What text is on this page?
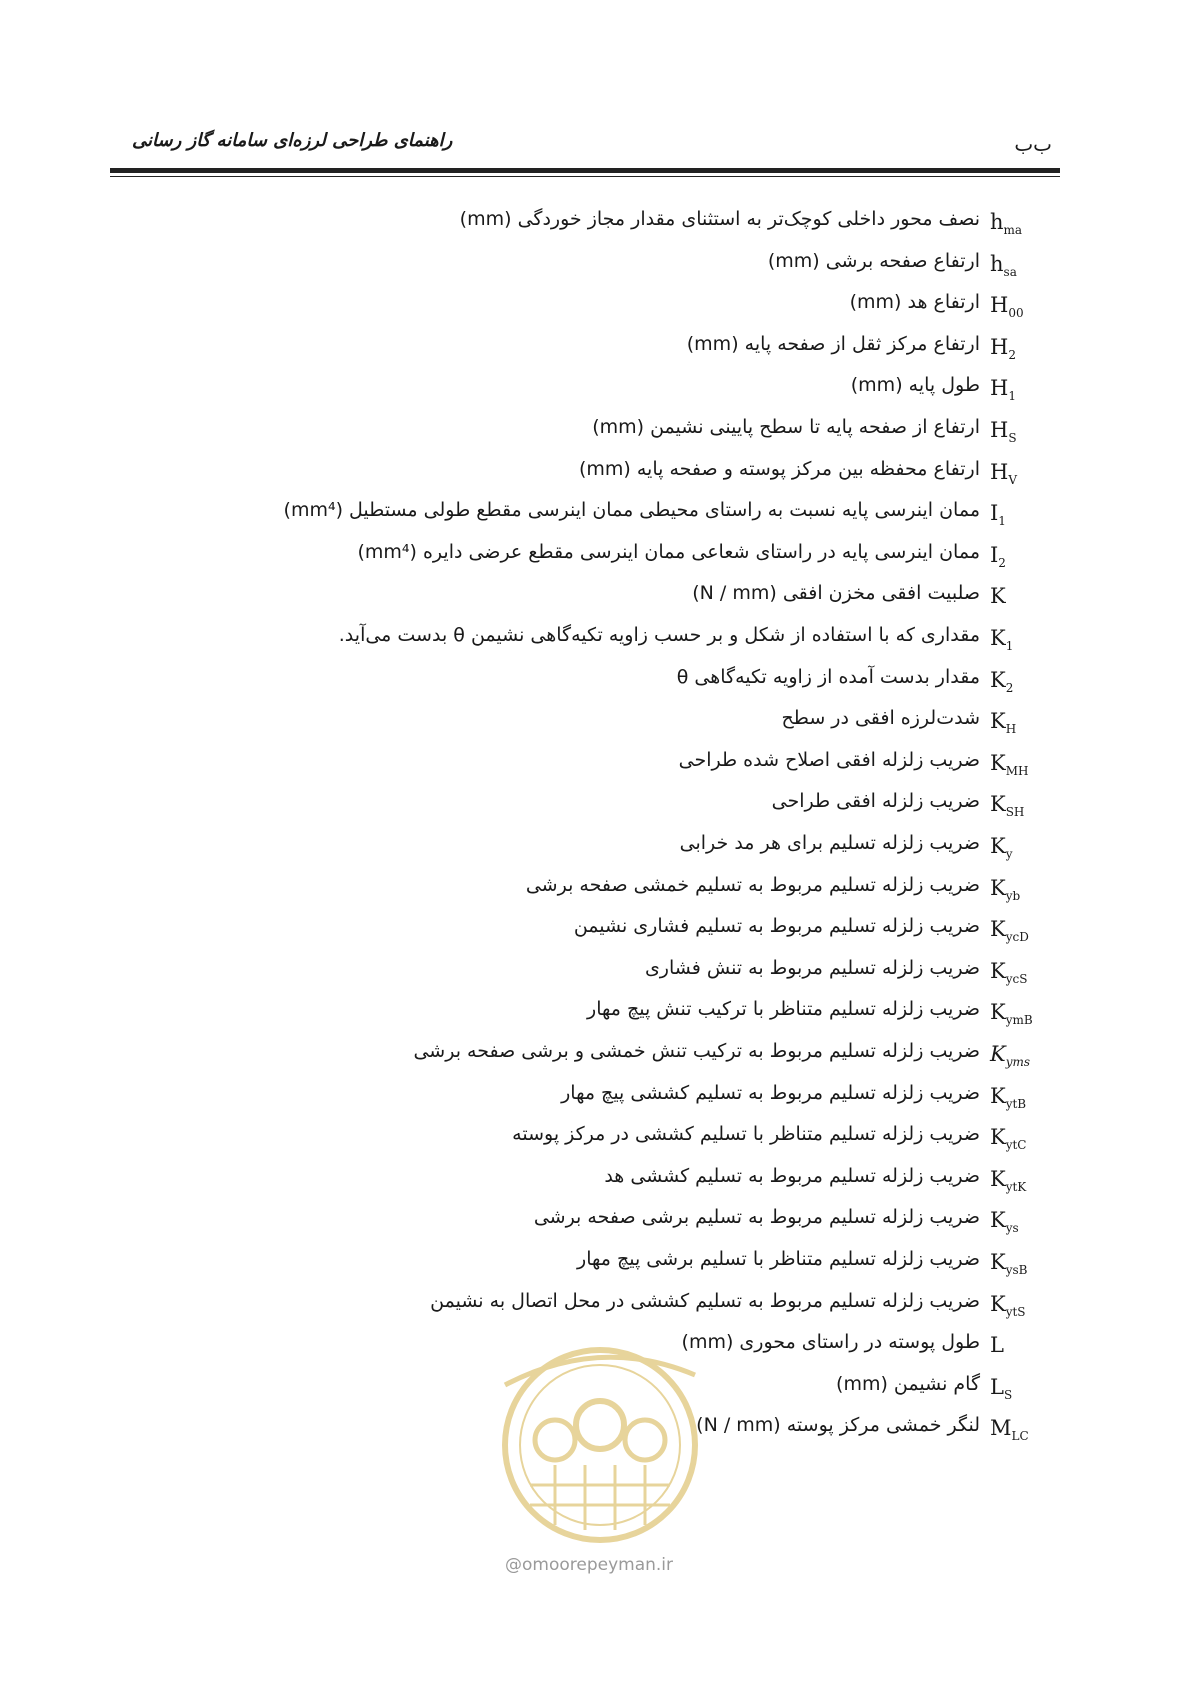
راهنمای طراحی لرزه‌ای سامانه گاز رسانی	ب‌ب
$h_{ma}$
نصف محور داخلی کوچک‌تر به استثنای مقدار مجاز خوردگی (mm)
$h_{sa}$
ارتفاع صفحه برشی (mm)
$H_{00}$
ارتفاع هد (mm)
$H_2$
ارتفاع مرکز ثقل از صفحه پایه (mm)
$H_1$
طول پایه (mm)
$H_S$
ارتفاع از صفحه پایه تا سطح پایینی نشیمن (mm)
$H_V$
ارتفاع محفظه بین مرکز پوسته و صفحه پایه (mm)
$I_1$
ممان اینرسی پایه نسبت به راستای محیطی ممان اینرسی مقطع طولی مستطیل (mm⁴)
$I_2$
ممان اینرسی پایه در راستای شعاعی ممان اینرسی مقطع عرضی دایره (mm⁴)
K
صلبیت افقی مخزن افقی (N / mm)
$K_1$
مقداری که با استفاده از شکل و بر حسب زاویه تکیه‌گاهی نشیمن θ بدست می‌آید.
$K_2$
مقدار بدست آمده از زاویه تکیه‌گاهی θ
$K_H$
شدت‌لرزه افقی در سطح
$K_{MH}$
ضریب زلزله افقی اصلاح شده طراحی
$K_{SH}$
ضریب زلزله افقی طراحی
$K_y$
ضریب زلزله تسلیم برای هر مد خرابی
$K_{yb}$
ضریب زلزله تسلیم مربوط به تسلیم خمشی صفحه برشی
$K_{ycD}$
ضریب زلزله تسلیم مربوط به تسلیم فشاری نشیمن
$K_{ycS}$
ضریب زلزله تسلیم مربوط به تنش فشاری
$K_{ymB}$
ضریب زلزله تسلیم متناظر با ترکیب تنش پیچ مهار
$K_{yms}$
ضریب زلزله تسلیم مربوط به ترکیب تنش خمشی و برشی صفحه برشی
$K_{ytB}$
ضریب زلزله تسلیم مربوط به تسلیم کششی پیچ مهار
$K_{ytC}$
ضریب زلزله تسلیم متناظر با تسلیم کششی در مرکز پوسته
$K_{ytK}$
ضریب زلزله تسلیم مربوط به تسلیم کششی هد
$K_{ys}$
ضریب زلزله تسلیم مربوط به تسلیم برشی صفحه برشی
$K_{ysB}$
ضریب زلزله تسلیم متناظر با تسلیم برشی پیچ مهار
$K_{ytS}$
ضریب زلزله تسلیم مربوط به تسلیم کششی در محل اتصال به نشیمن
L
طول پوسته در راستای محوری (mm)
$L_S$
گام نشیمن (mm)
$M_{LC}$
لنگر خمشی مرکز پوسته (N / mm)
@omoorepeyman.ir
